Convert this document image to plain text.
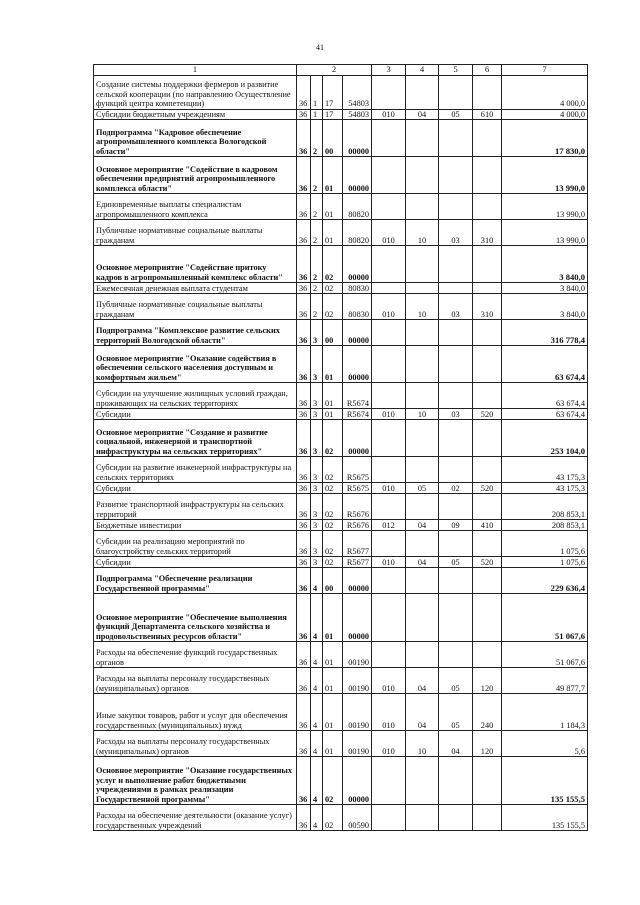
41
1	2				3	4	5	6	7
Создание системы поддержки фермеров и развитие сельской кооперации (по направлению Осуществление функций центра компетенции)	36	1	17	54803					4 000,0
Субсидии бюджетным учреждениям	36	1	17	54803	010	04	05	610	4 000,0
Подпрограмма "Кадровое обеспечение агропромышленного комплекса Вологодской области"	36	2	00	00000					17 830,0
Основное мероприятие "Содействие в кадровом обеспечении предприятий агропромышленного комплекса области"	36	2	01	00000					13 990,0
Единовременные выплаты специалистам агропромышленного комплекса	36	2	01	80820					13 990,0
Публичные нормативные социальные выплаты гражданам	36	2	01	80820	010	10	03	310	13 990,0
Основное мероприятие "Содействие притоку кадров в агропромышленный комплекс области"	36	2	02	00000					3 840,0
Ежемесячная денежная выплата студентам	36	2	02	80830					3 840,0
Публичные нормативные социальные выплаты гражданам	36	2	02	80830	010	10	03	310	3 840,0
Подпрограмма "Комплексное развитие сельских территорий Вологодской области"	36	3	00	00000					316 778,4
Основное мероприятие "Оказание содействия в обеспечении сельского населения доступным и комфортным жильем"	36	3	01	00000					63 674,4
Субсидии на улучшение жилищных условий граждан, проживающих на сельских территориях	36	3	01	R5674					63 674,4
Субсидии	36	3	01	R5674	010	10	03	520	63 674,4
Основное мероприятие "Создание и развитие социальной, инженерной и транспортной инфраструктуры на сельских территориях"	36	3	02	00000					253 104,0
Субсидии на развитие инженерной инфраструктуры на сельских территориях	36	3	02	R5675					43 175,3
Субсидии	36	3	02	R5675	010	05	02	520	43 175,3
Развитие транспортной инфраструктуры на сельских территорий	36	3	02	R5676					208 853,1
Бюджетные инвестиции	36	3	02	R5676	012	04	09	410	208 853,1
Субсидии на реализацию мероприятий по благоустройству сельских территорий	36	3	02	R5677					1 075,6
Субсидии	36	3	02	R5677	010	04	05	520	1 075,6
Подпрограмма "Обеспечение реализации Государственной программы"	36	4	00	00000					229 636,4
Основное мероприятие "Обеспечение выполнения функций Департамента сельского хозяйства и продовольственных ресурсов области"	36	4	01	00000					51 067,6
Расходы на обеспечение функций государственных органов	36	4	01	00190					51 067,6
Расходы на выплаты персоналу государственных (муниципальных) органов	36	4	01	00190	010	04	05	120	49 877,7
Иные закупки товаров, работ и услуг для обеспечения государственных (муниципальных) нужд	36	4	01	00190	010	04	05	240	1 184,3
Расходы на выплаты персоналу государственных (муниципальных) органов	36	4	01	00190	010	10	04	120	5,6
Основное мероприятие "Оказание государственных услуг и выполнение работ бюджетными учреждениями в рамках реализации Государственной программы"	36	4	02	00000					135 155,5
Расходы на обеспечение деятельности (оказание услуг) государственных учреждений	36	4	02	00590					135 155,5
